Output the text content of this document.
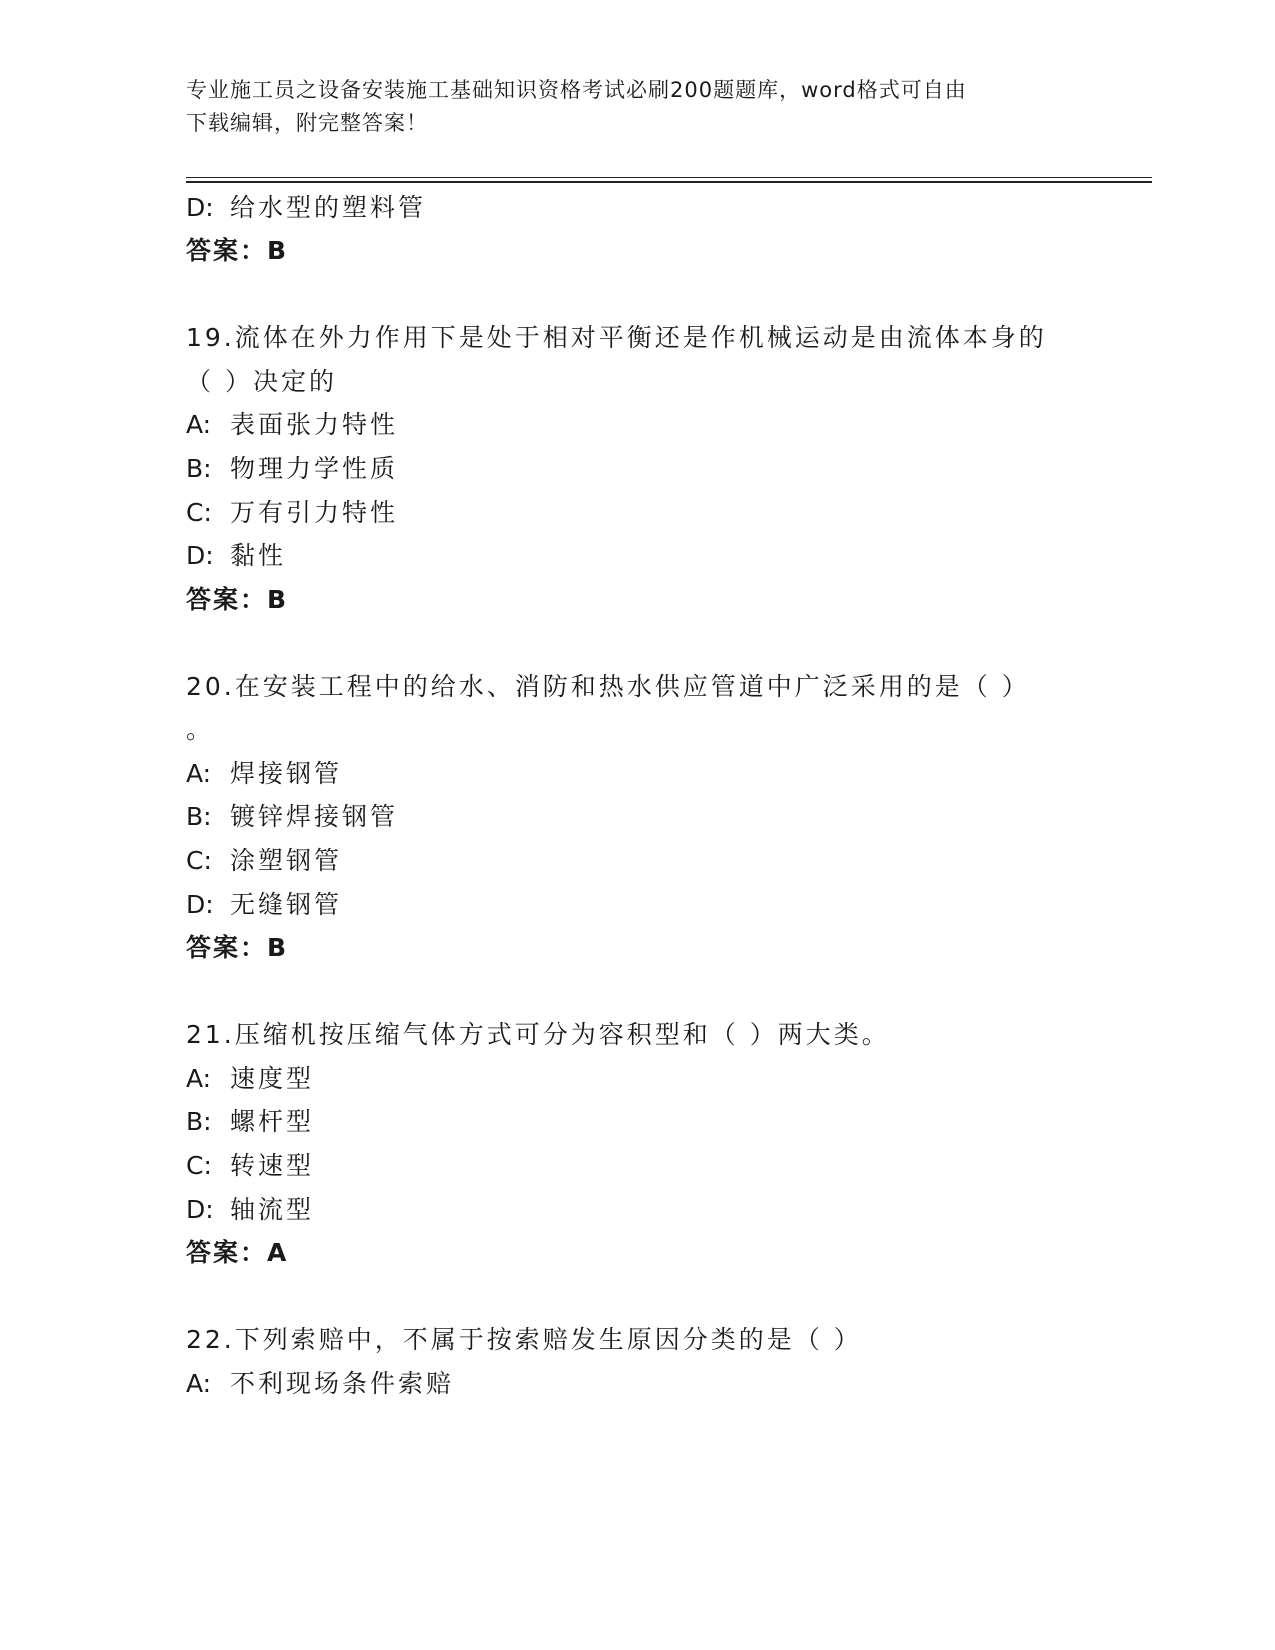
专业施工员之设备安装施工基础知识资格考试必刷200题题库，word格式可自由
下载编辑，附完整答案！
D: 给水型的塑料管
答案：B
19.流体在外力作用下是处于相对平衡还是作机械运动是由流体本身的
（ ）决定的
A: 表面张力特性
B: 物理力学性质
C: 万有引力特性
D: 黏性
答案：B
20.在安装工程中的给水、消防和热水供应管道中广泛采用的是（ ）
。
A: 焊接钢管
B: 镀锌焊接钢管
C: 涂塑钢管
D: 无缝钢管
答案：B
21.压缩机按压缩气体方式可分为容积型和（ ）两大类。
A: 速度型
B: 螺杆型
C: 转速型
D: 轴流型
答案：A
22.下列索赔中，不属于按索赔发生原因分类的是（ ）
A: 不利现场条件索赔
